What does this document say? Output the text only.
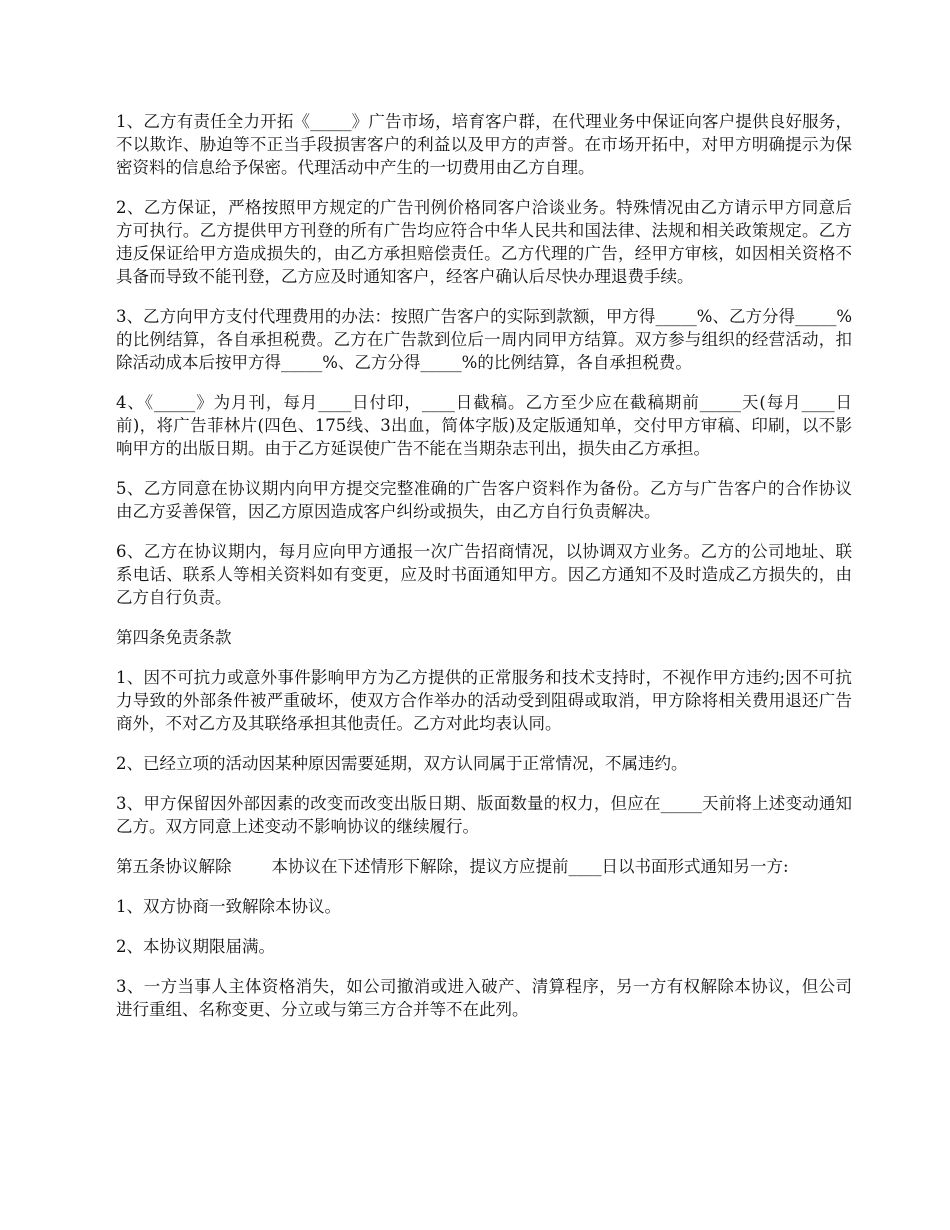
1、乙方有责任全力开拓《_____》广告市场，培育客户群，在代理业务中保证向客户提供良好服务，不以欺诈、胁迫等不正当手段损害客户的利益以及甲方的声誉。在市场开拓中，对甲方明确提示为保密资料的信息给予保密。代理活动中产生的一切费用由乙方自理。

2、乙方保证，严格按照甲方规定的广告刊例价格同客户洽谈业务。特殊情况由乙方请示甲方同意后方可执行。乙方提供甲方刊登的所有广告均应符合中华人民共和国法律、法规和相关政策规定。乙方违反保证给甲方造成损失的，由乙方承担赔偿责任。乙方代理的广告，经甲方审核，如因相关资格不具备而导致不能刊登，乙方应及时通知客户，经客户确认后尽快办理退费手续。

3、乙方向甲方支付代理费用的办法：按照广告客户的实际到款额，甲方得_____%、乙方分得_____%的比例结算，各自承担税费。乙方在广告款到位后一周内同甲方结算。双方参与组织的经营活动，扣除活动成本后按甲方得_____%、乙方分得_____%的比例结算，各自承担税费。

4、《_____》为月刊，每月____日付印，____日截稿。乙方至少应在截稿期前_____天(每月____日前)，将广告菲林片(四色、175线、3出血，简体字版)及定版通知单，交付甲方审稿、印刷，以不影响甲方的出版日期。由于乙方延误使广告不能在当期杂志刊出，损失由乙方承担。

5、乙方同意在协议期内向甲方提交完整准确的广告客户资料作为备份。乙方与广告客户的合作协议由乙方妥善保管，因乙方原因造成客户纠纷或损失，由乙方自行负责解决。

6、乙方在协议期内，每月应向甲方通报一次广告招商情况，以协调双方业务。乙方的公司地址、联系电话、联系人等相关资料如有变更，应及时书面通知甲方。因乙方通知不及时造成乙方损失的，由乙方自行负责。

第四条免责条款

1、因不可抗力或意外事件影响甲方为乙方提供的正常服务和技术支持时，不视作甲方违约;因不可抗力导致的外部条件被严重破坏，使双方合作举办的活动受到阻碍或取消，甲方除将相关费用退还广告商外，不对乙方及其联络承担其他责任。乙方对此均表认同。

2、已经立项的活动因某种原因需要延期，双方认同属于正常情况，不属违约。

3、甲方保留因外部因素的改变而改变出版日期、版面数量的权力，但应在_____天前将上述变动通知乙方。双方同意上述变动不影响协议的继续履行。

第五条协议解除 本协议在下述情形下解除，提议方应提前____日以书面形式通知另一方:

1、双方协商一致解除本协议。

2、本协议期限届满。

3、一方当事人主体资格消失，如公司撤消或进入破产、清算程序，另一方有权解除本协议，但公司进行重组、名称变更、分立或与第三方合并等不在此列。
